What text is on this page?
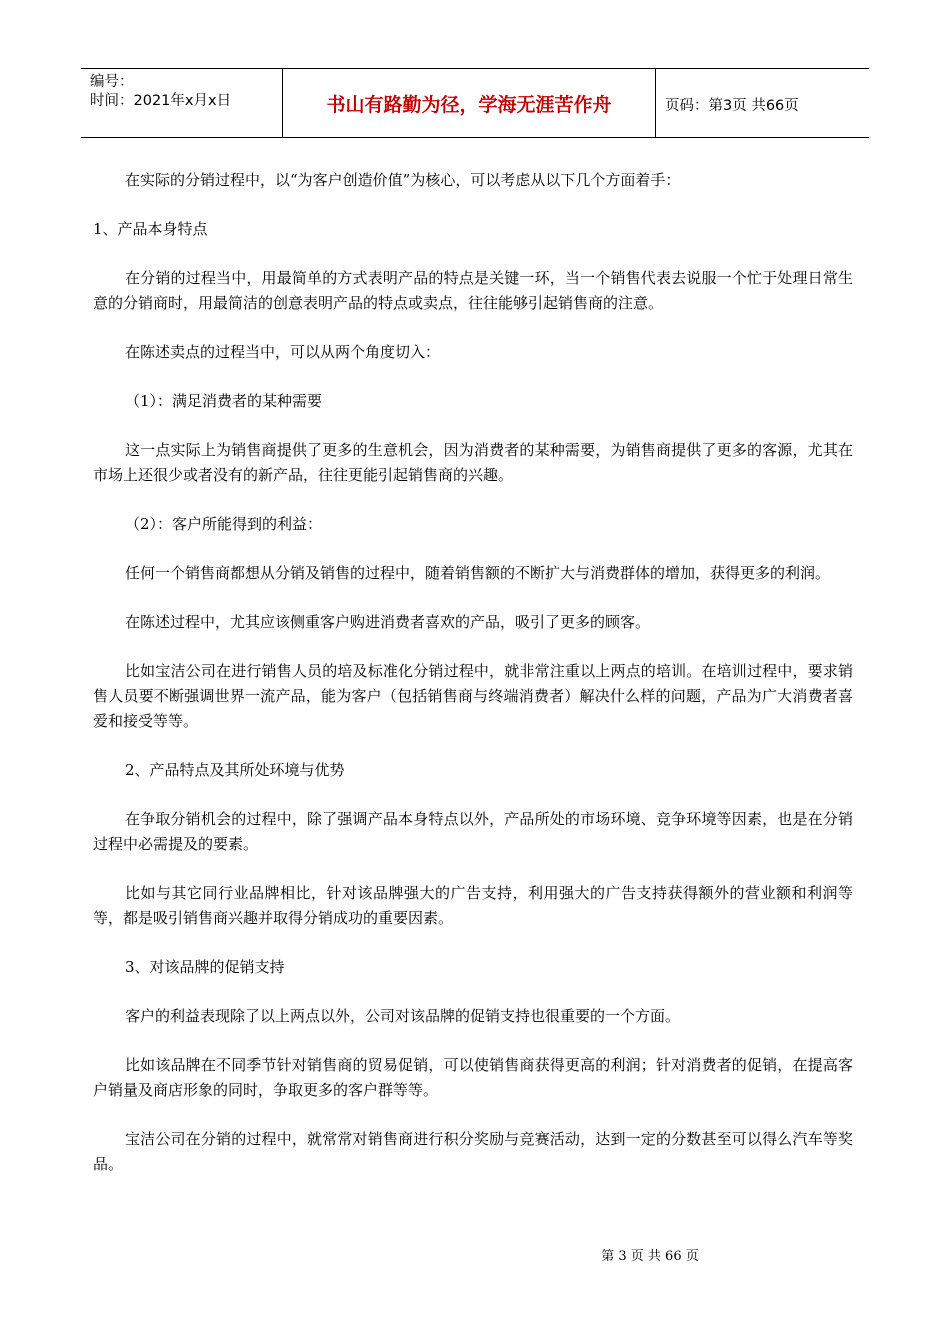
编号：
时间：2021年x月x日	书山有路勤为径，学海无涯苦作舟	页码：第3页 共66页

在实际的分销过程中，以“为客户创造价值”为核心，可以考虑从以下几个方面着手：

1、产品本身特点

在分销的过程当中，用最简单的方式表明产品的特点是关键一环，当一个销售代表去说服一个忙于处理日常生意的分销商时，用最简洁的创意表明产品的特点或卖点，往往能够引起销售商的注意。

在陈述卖点的过程当中，可以从两个角度切入：

（1）：满足消费者的某种需要

这一点实际上为销售商提供了更多的生意机会，因为消费者的某种需要，为销售商提供了更多的客源，尤其在市场上还很少或者没有的新产品，往往更能引起销售商的兴趣。

（2）：客户所能得到的利益：

任何一个销售商都想从分销及销售的过程中，随着销售额的不断扩大与消费群体的增加，获得更多的利润。

在陈述过程中，尤其应该侧重客户购进消费者喜欢的产品，吸引了更多的顾客。

比如宝洁公司在进行销售人员的培及标准化分销过程中，就非常注重以上两点的培训。在培训过程中，要求销售人员要不断强调世界一流产品，能为客户（包括销售商与终端消费者）解决什么样的问题，产品为广大消费者喜爱和接受等等。

2、产品特点及其所处环境与优势

在争取分销机会的过程中，除了强调产品本身特点以外，产品所处的市场环境、竞争环境等因素，也是在分销过程中必需提及的要素。

比如与其它同行业品牌相比，针对该品牌强大的广告支持，利用强大的广告支持获得额外的营业额和利润等等，都是吸引销售商兴趣并取得分销成功的重要因素。

3、对该品牌的促销支持

客户的利益表现除了以上两点以外，公司对该品牌的促销支持也很重要的一个方面。

比如该品牌在不同季节针对销售商的贸易促销，可以使销售商获得更高的利润；针对消费者的促销，在提高客户销量及商店形象的同时，争取更多的客户群等等。

宝洁公司在分销的过程中，就常常对销售商进行积分奖励与竞赛活动，达到一定的分数甚至可以得么汽车等奖品。

第 3 页 共 66 页
